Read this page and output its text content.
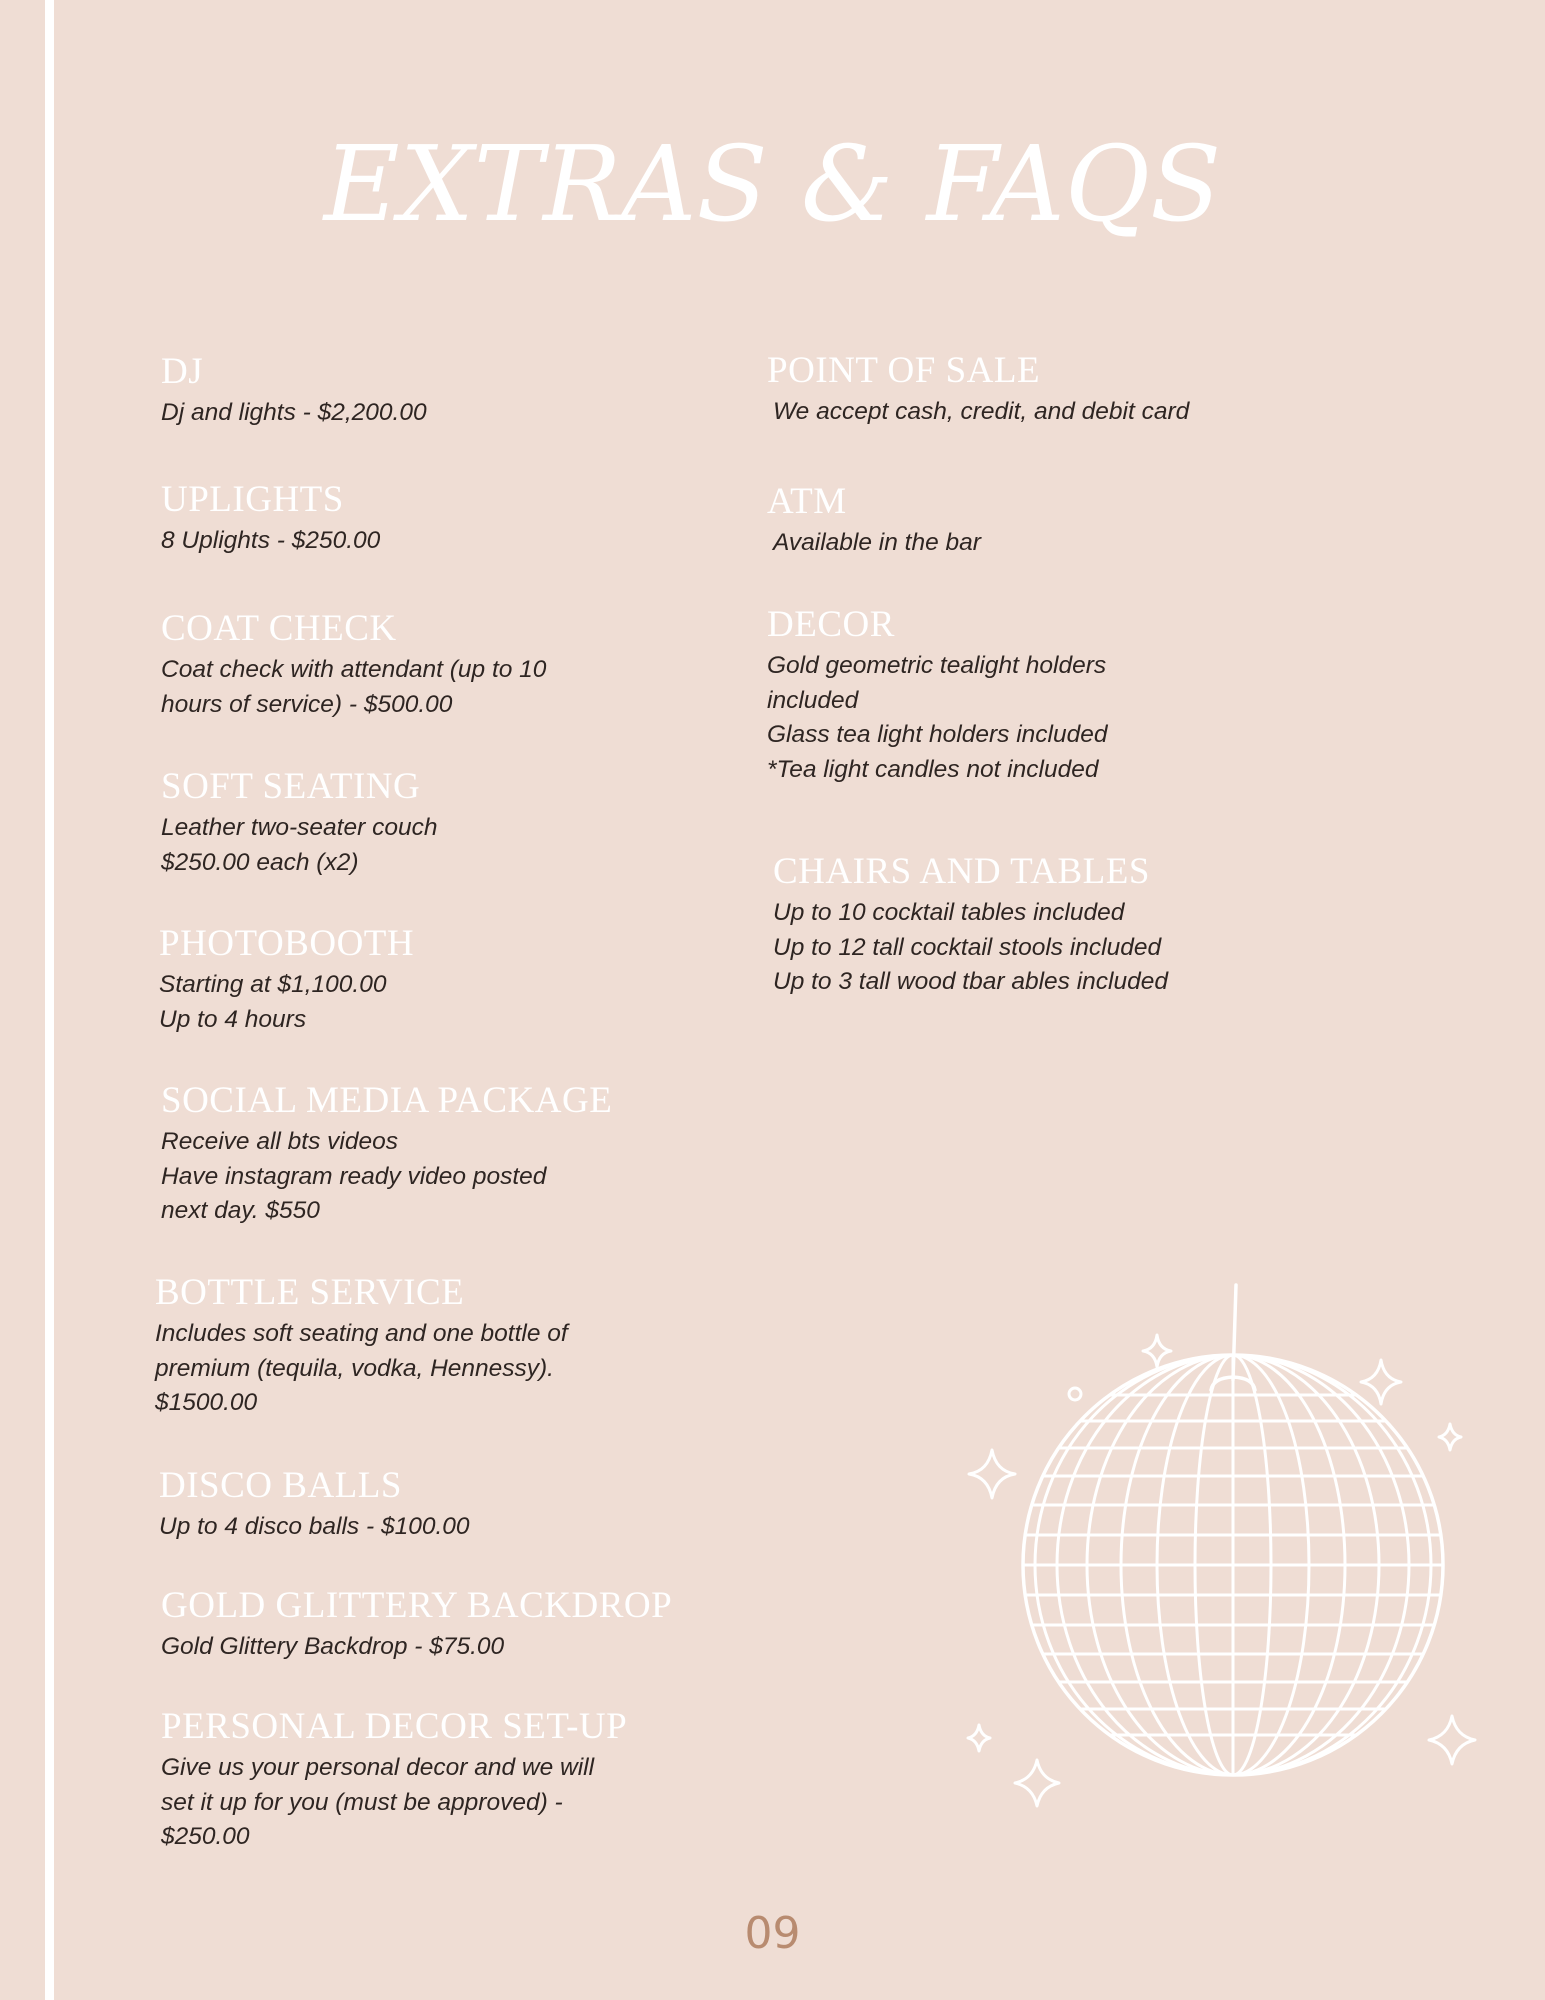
EXTRAS & FAQS
DJ

Dj and lights - $2,200.00

UPLIGHTS

8 Uplights - $250.00

COAT CHECK

Coat check with attendant (up to 10
hours of service) - $500.00

SOFT SEATING

Leather two-seater couch
$250.00 each (x2)

PHOTOBOOTH

Starting at $1,100.00
Up to 4 hours

SOCIAL MEDIA PACKAGE

Receive all bts videos
Have instagram ready video posted
next day. $550

BOTTLE SERVICE

Includes soft seating and one bottle of
premium (tequila, vodka, Hennessy).
$1500.00

DISCO BALLS

Up to 4 disco balls - $100.00

GOLD GLITTERY BACKDROP

Gold Glittery Backdrop - $75.00

PERSONAL DECOR SET-UP

Give us your personal decor and we will
set it up for you (must be approved) -
$250.00

POINT OF SALE

We accept cash, credit, and debit card

ATM

Available in the bar

DECOR

Gold geometric tealight holders
included
Glass tea light holders included
*Tea light candles not included

CHAIRS AND TABLES

Up to 10 cocktail tables included
Up to 12 tall cocktail stools included
Up to 3 tall wood tbar ables included

09
